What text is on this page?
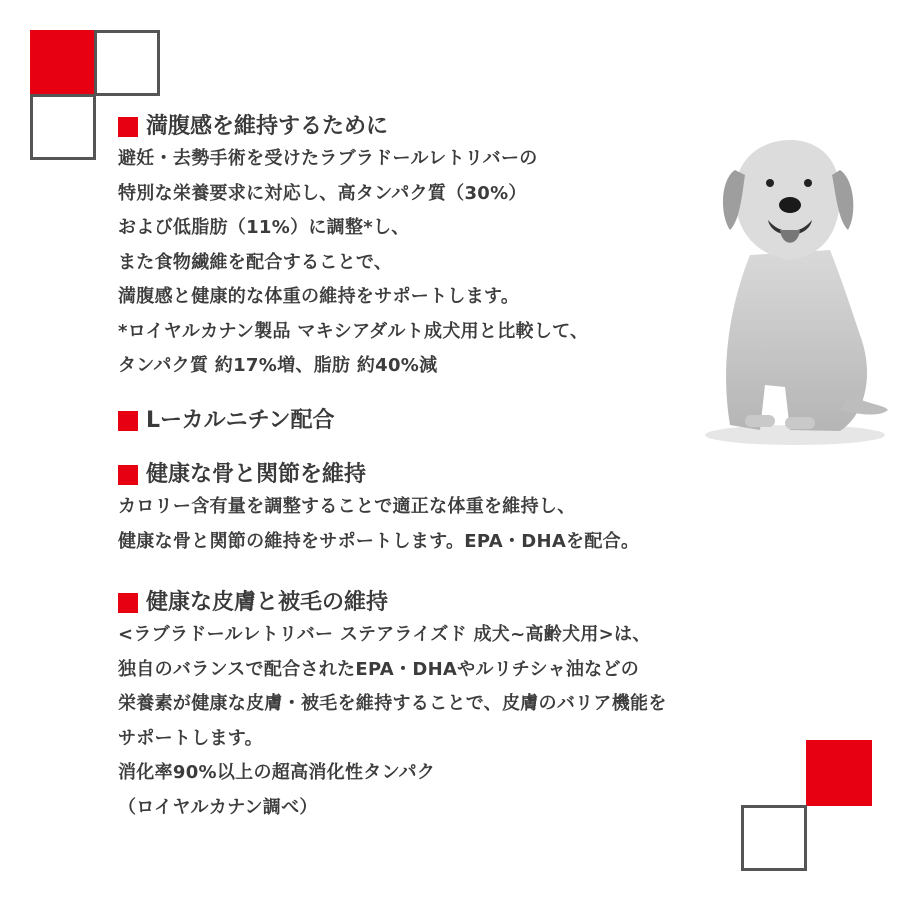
満腹感を維持するために
避妊・去勢手術を受けたラブラドールレトリバーの
特別な栄養要求に対応し、高タンパク質（30%）
および低脂肪（11%）に調整*し、
また食物繊維を配合することで、
満腹感と健康的な体重の維持をサポートします。
*ロイヤルカナン製品 マキシアダルト成犬用と比較して、
タンパク質 約17%増、脂肪 約40%減
Lーカルニチン配合
健康な骨と関節を維持
カロリー含有量を調整することで適正な体重を維持し、
健康な骨と関節の維持をサポートします。EPA・DHAを配合。
健康な皮膚と被毛の維持
<ラブラドールレトリバー ステアライズド 成犬~高齢犬用>は、
独自のバランスで配合されたEPA・DHAやルリチシャ油などの
栄養素が健康な皮膚・被毛を維持することで、皮膚のバリア機能を
サポートします。
消化率90%以上の超高消化性タンパク
（ロイヤルカナン調べ）
